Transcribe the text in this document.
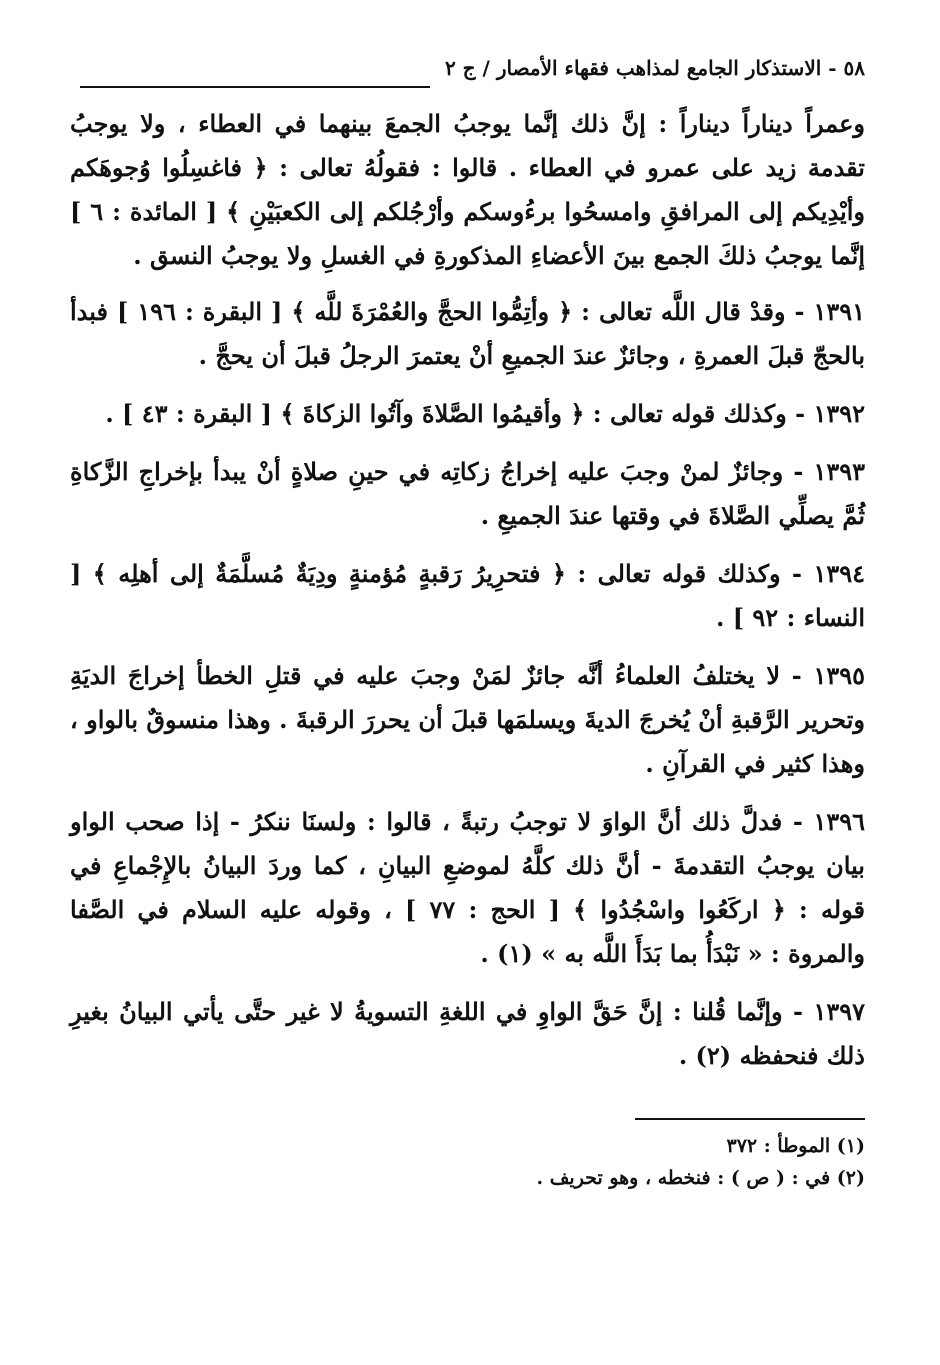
٥٨ - الاستذكار الجامع لمذاهب فقهاء الأمصار / ج ٢

وعمراً ديناراً ديناراً : إنَّ ذلك إنَّما يوجبُ الجمعَ بينهما في العطاء ، ولا يوجبُ تقدمة زيد على عمرو في العطاء . قالوا : فقولُهُ تعالى : ﴿ فاغسِلُوا وُجوهَكم وأيْدِيكم إلى المرافقِ وامسحُوا برءُوسكم وأرْجُلكم إلى الكعبَيْنِ ﴾ [ المائدة : ٦ ] إنَّما يوجبُ ذلكَ الجمع بينَ الأعضاءِ المذكورةِ في الغسلِ ولا يوجبُ النسق .

١٣٩١ - وقدْ قال اللَّه تعالى : ﴿ وأتِمُّوا الحجَّ والعُمْرَةَ للَّه ﴾ [ البقرة : ١٩٦ ] فبدأ بالحجّ قبلَ العمرةِ ، وجائزٌ عندَ الجميعِ أنْ يعتمرَ الرجلُ قبلَ أن يحجَّ .

١٣٩٢ - وكذلك قوله تعالى : ﴿ وأقيمُوا الصَّلاةَ وآتُوا الزكاةَ ﴾ [ البقرة : ٤٣ ] .

١٣٩٣ - وجائزٌ لمنْ وجبَ عليه إخراجُ زكاتِه في حينِ صلاةٍ أنْ يبدأ بإخراجِ الزَّكاةِ ثُمَّ يصلِّي الصَّلاةَ في وقتها عندَ الجميعِ .

١٣٩٤ - وكذلك قوله تعالى : ﴿ فتحرِيرُ رَقبةٍ مُؤمنةٍ ودِيَةٌ مُسلَّمَةٌ إلى أهلِه ﴾ [ النساء : ٩٢ ] .

١٣٩٥ - لا يختلفُ العلماءُ أنَّه جائزٌ لمَنْ وجبَ عليه في قتلِ الخطأ إخراجَ الديَةِ وتحرير الرَّقبةِ أنْ يُخرجَ الديةَ ويسلمَها قبلَ أن يحررَ الرقبةَ . وهذا منسوقٌ بالواو ، وهذا كثير في القرآنِ .

١٣٩٦ - فدلَّ ذلك أنَّ الواوَ لا توجبُ رتبةً ، قالوا : ولسنَا ننكرُ - إذا صحب الواو بيان يوجبُ التقدمةَ - أنَّ ذلك كلَّهُ لموضعِ البيانِ ، كما وردَ البيانُ بالإِجْماعِ في قوله : ﴿ اركَعُوا واسْجُدُوا ﴾ [ الحج : ٧٧ ] ، وقوله عليه السلام في الصَّفا والمروة : « نَبْدَأُ بما بَدَأَ اللَّه به » (١) .

١٣٩٧ - وإنَّما قُلنا : إنَّ حَقَّ الواوِ في اللغةِ التسويةُ لا غير حتَّى يأتي البيانُ بغيرِ ذلك فنحفظه (٢) .

(١) الموطأ : ٣٧٢
(٢) في : ( ص ) : فنخطه ، وهو تحريف .
